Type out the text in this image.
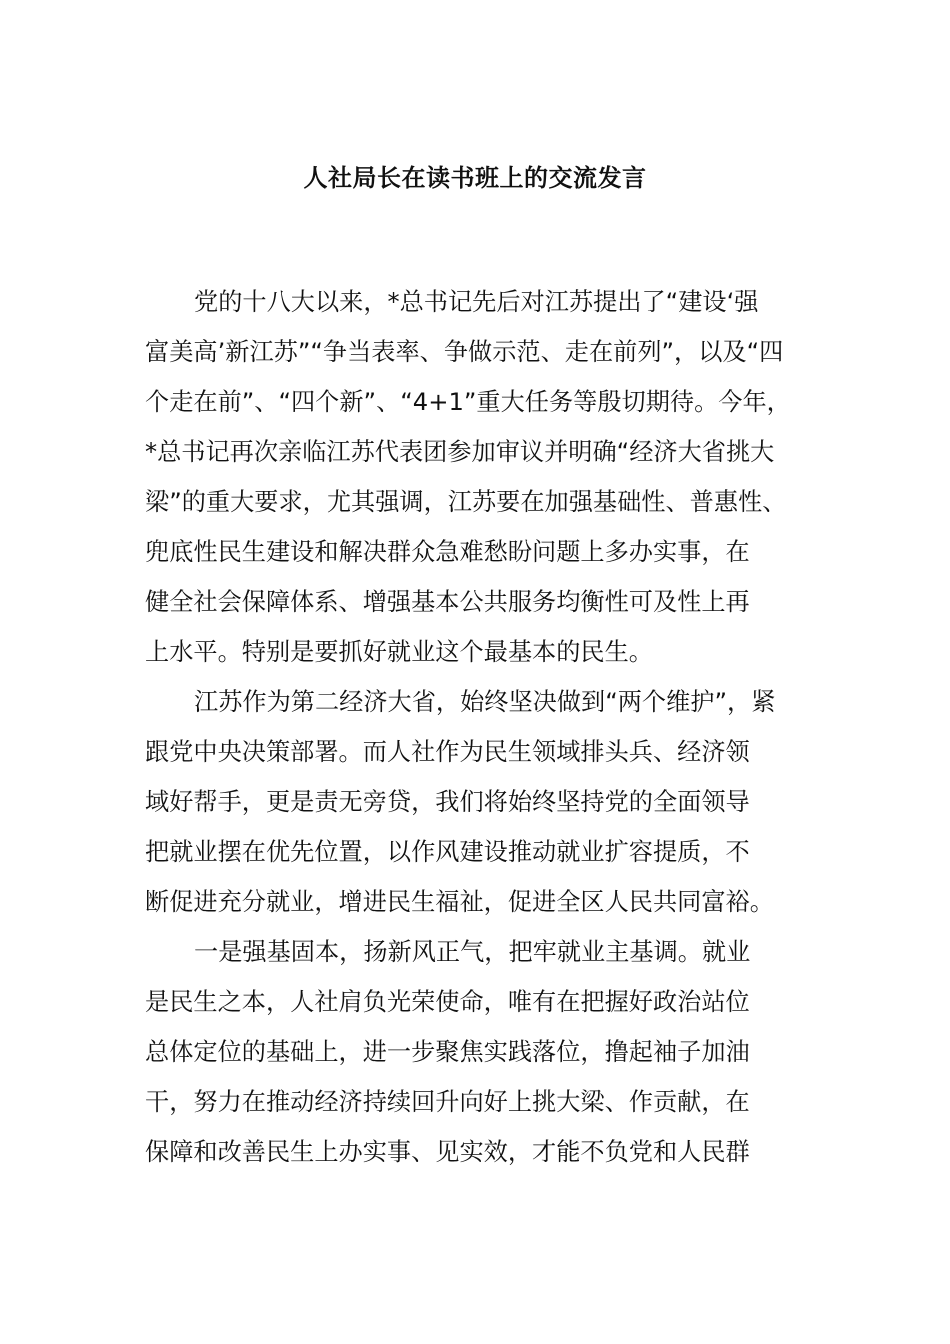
人社局长在读书班上的交流发言
党的十八大以来，*总书记先后对江苏提出了“建设‘强
富美高’新江苏”“争当表率、争做示范、走在前列”，以及“四
个走在前”、“四个新”、“4+1”重大任务等殷切期待。今年，
*总书记再次亲临江苏代表团参加审议并明确“经济大省挑大
梁”的重大要求，尤其强调，江苏要在加强基础性、普惠性、
兜底性民生建设和解决群众急难愁盼问题上多办实事，在
健全社会保障体系、增强基本公共服务均衡性可及性上再
上水平。特别是要抓好就业这个最基本的民生。
江苏作为第二经济大省，始终坚决做到“两个维护”，紧
跟党中央决策部署。而人社作为民生领域排头兵、经济领
域好帮手，更是责无旁贷，我们将始终坚持党的全面领导
把就业摆在优先位置，以作风建设推动就业扩容提质，不
断促进充分就业，增进民生福祉，促进全区人民共同富裕。
一是强基固本，扬新风正气，把牢就业主基调。就业
是民生之本，人社肩负光荣使命，唯有在把握好政治站位
总体定位的基础上，进一步聚焦实践落位，撸起袖子加油
干，努力在推动经济持续回升向好上挑大梁、作贡献，在
保障和改善民生上办实事、见实效，才能不负党和人民群
